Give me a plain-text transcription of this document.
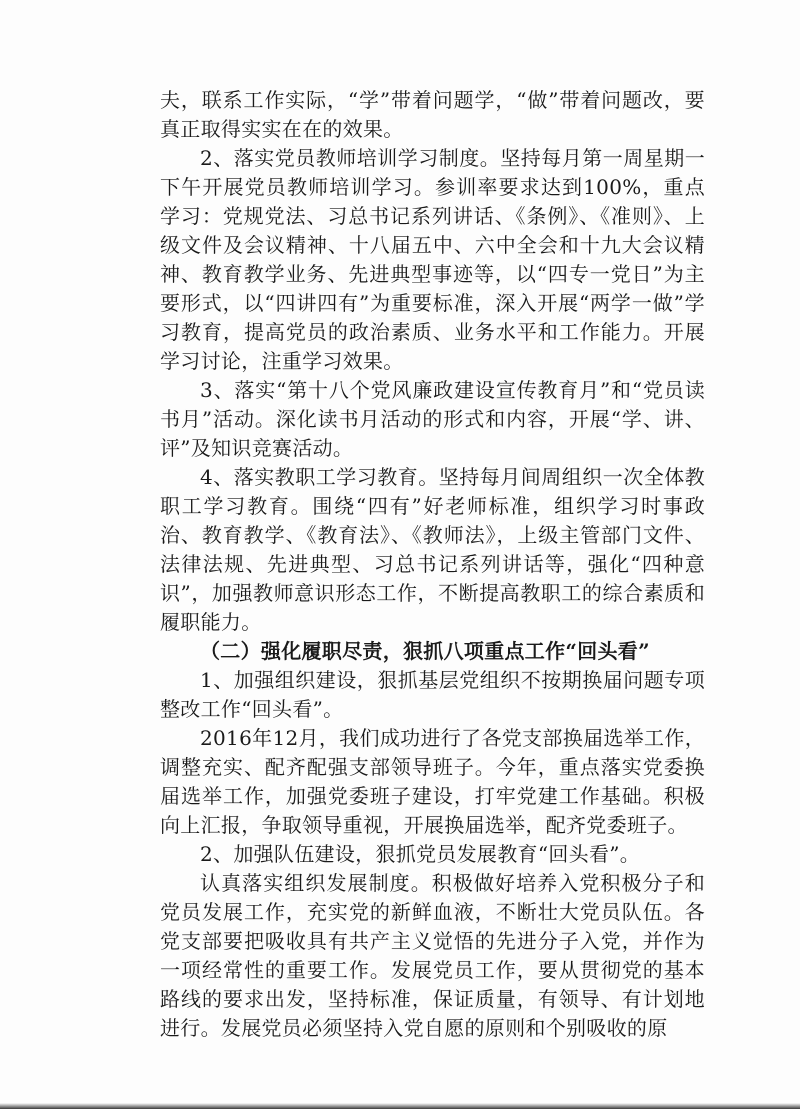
夫，联系工作实际，“学”带着问题学，“做”带着问题改，要真正取得实实在在的效果。

2、落实党员教师培训学习制度。坚持每月第一周星期一下午开展党员教师培训学习。参训率要求达到100%，重点学习：党规党法、习总书记系列讲话、《条例》、《准则》、上级文件及会议精神、十八届五中、六中全会和十九大会议精神、教育教学业务、先进典型事迹等，以“四专一党日”为主要形式，以“四讲四有”为重要标准，深入开展“两学一做”学习教育，提高党员的政治素质、业务水平和工作能力。开展学习讨论，注重学习效果。

3、落实“第十八个党风廉政建设宣传教育月”和“党员读书月”活动。深化读书月活动的形式和内容，开展“学、讲、评”及知识竞赛活动。

4、落实教职工学习教育。坚持每月间周组织一次全体教职工学习教育。围绕“四有”好老师标准，组织学习时事政治、教育教学、《教育法》、《教师法》，上级主管部门文件、法律法规、先进典型、习总书记系列讲话等，强化“四种意识”，加强教师意识形态工作，不断提高教职工的综合素质和履职能力。

（二）强化履职尽责，狠抓八项重点工作“回头看”

1、加强组织建设，狠抓基层党组织不按期换届问题专项整改工作“回头看”。

2016年12月，我们成功进行了各党支部换届选举工作，调整充实、配齐配强支部领导班子。今年，重点落实党委换届选举工作，加强党委班子建设，打牢党建工作基础。积极向上汇报，争取领导重视，开展换届选举，配齐党委班子。

2、加强队伍建设，狠抓党员发展教育“回头看”。

认真落实组织发展制度。积极做好培养入党积极分子和党员发展工作，充实党的新鲜血液，不断壮大党员队伍。各党支部要把吸收具有共产主义觉悟的先进分子入党，并作为一项经常性的重要工作。发展党员工作，要从贯彻党的基本路线的要求出发，坚持标准，保证质量，有领导、有计划地进行。发展党员必须坚持入党自愿的原则和个别吸收的原
